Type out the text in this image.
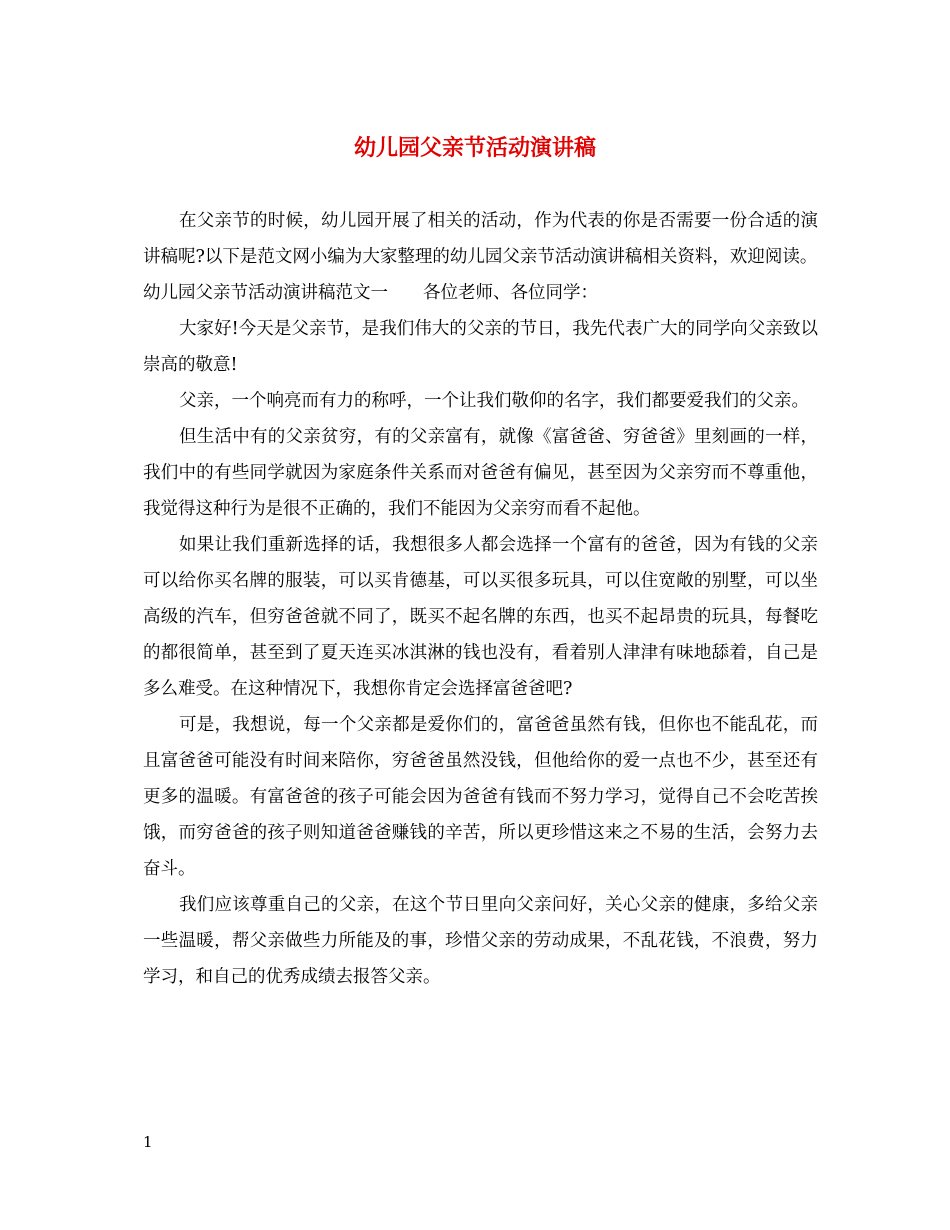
幼儿园父亲节活动演讲稿

在父亲节的时候，幼儿园开展了相关的活动，作为代表的你是否需要一份合适的演讲稿呢?以下是范文网小编为大家整理的幼儿园父亲节活动演讲稿相关资料，欢迎阅读。

幼儿园父亲节活动演讲稿范文一　　各位老师、各位同学：

大家好!今天是父亲节，是我们伟大的父亲的节日，我先代表广大的同学向父亲致以崇高的敬意!

父亲，一个响亮而有力的称呼，一个让我们敬仰的名字，我们都要爱我们的父亲。

但生活中有的父亲贫穷，有的父亲富有，就像《富爸爸、穷爸爸》里刻画的一样，我们中的有些同学就因为家庭条件关系而对爸爸有偏见，甚至因为父亲穷而不尊重他，我觉得这种行为是很不正确的，我们不能因为父亲穷而看不起他。

如果让我们重新选择的话，我想很多人都会选择一个富有的爸爸，因为有钱的父亲可以给你买名牌的服装，可以买肯德基，可以买很多玩具，可以住宽敞的别墅，可以坐高级的汽车，但穷爸爸就不同了，既买不起名牌的东西，也买不起昂贵的玩具，每餐吃的都很简单，甚至到了夏天连买冰淇淋的钱也没有，看着别人津津有味地舔着，自己是多么难受。在这种情况下，我想你肯定会选择富爸爸吧?

可是，我想说，每一个父亲都是爱你们的，富爸爸虽然有钱，但你也不能乱花，而且富爸爸可能没有时间来陪你，穷爸爸虽然没钱，但他给你的爱一点也不少，甚至还有更多的温暖。有富爸爸的孩子可能会因为爸爸有钱而不努力学习，觉得自己不会吃苦挨饿，而穷爸爸的孩子则知道爸爸赚钱的辛苦，所以更珍惜这来之不易的生活，会努力去奋斗。

我们应该尊重自己的父亲，在这个节日里向父亲问好，关心父亲的健康，多给父亲一些温暖，帮父亲做些力所能及的事，珍惜父亲的劳动成果，不乱花钱，不浪费，努力学习，和自己的优秀成绩去报答父亲。

1
